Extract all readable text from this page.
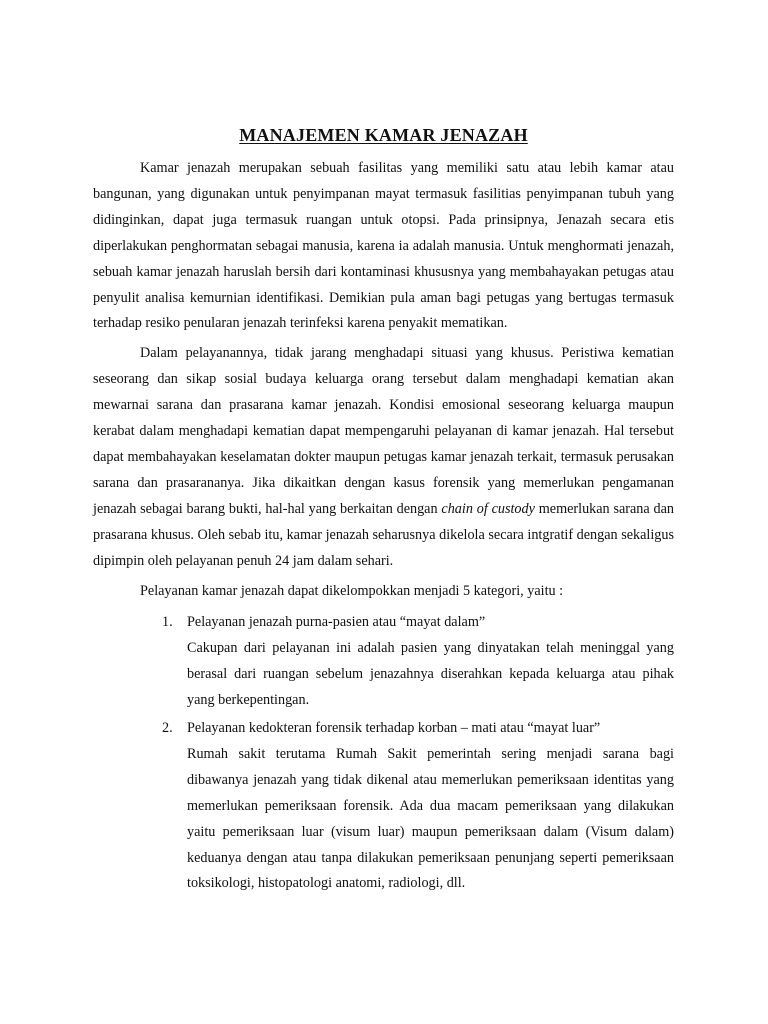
MANAJEMEN KAMAR JENAZAH

Kamar jenazah merupakan sebuah fasilitas yang memiliki satu atau lebih kamar atau bangunan, yang digunakan untuk penyimpanan mayat termasuk fasilitias penyimpanan tubuh yang didinginkan, dapat juga termasuk ruangan untuk otopsi. Pada prinsipnya, Jenazah secara etis diperlakukan penghormatan sebagai manusia, karena ia adalah manusia. Untuk menghormati jenazah, sebuah kamar jenazah haruslah bersih dari kontaminasi khususnya yang membahayakan petugas atau penyulit analisa kemurnian identifikasi. Demikian pula aman bagi petugas yang bertugas termasuk terhadap resiko penularan jenazah terinfeksi karena penyakit mematikan.

Dalam pelayanannya, tidak jarang menghadapi situasi yang khusus. Peristiwa kematian seseorang dan sikap sosial budaya keluarga orang tersebut dalam menghadapi kematian akan mewarnai sarana dan prasarana kamar jenazah. Kondisi emosional seseorang keluarga maupun kerabat dalam menghadapi kematian dapat mempengaruhi pelayanan di kamar jenazah. Hal tersebut dapat membahayakan keselamatan dokter maupun petugas kamar jenazah terkait, termasuk perusakan sarana dan prasarananya. Jika dikaitkan dengan kasus forensik yang memerlukan pengamanan jenazah sebagai barang bukti, hal-hal yang berkaitan dengan chain of custody memerlukan sarana dan prasarana khusus. Oleh sebab itu, kamar jenazah seharusnya dikelola secara intgratif dengan sekaligus dipimpin oleh pelayanan penuh 24 jam dalam sehari.

Pelayanan kamar jenazah dapat dikelompokkan menjadi 5 kategori, yaitu :

1. Pelayanan jenazah purna-pasien atau “mayat dalam”

Cakupan dari pelayanan ini adalah pasien yang dinyatakan telah meninggal yang berasal dari ruangan sebelum jenazahnya diserahkan kepada keluarga atau pihak yang berkepentingan.

2. Pelayanan kedokteran forensik terhadap korban – mati atau “mayat luar”

Rumah sakit terutama Rumah Sakit pemerintah sering menjadi sarana bagi dibawanya jenazah yang tidak dikenal atau memerlukan pemeriksaan identitas yang memerlukan pemeriksaan forensik. Ada dua macam pemeriksaan yang dilakukan yaitu pemeriksaan luar (visum luar) maupun pemeriksaan dalam (Visum dalam) keduanya dengan atau tanpa dilakukan pemeriksaan penunjang seperti pemeriksaan toksikologi, histopatologi anatomi, radiologi, dll.
